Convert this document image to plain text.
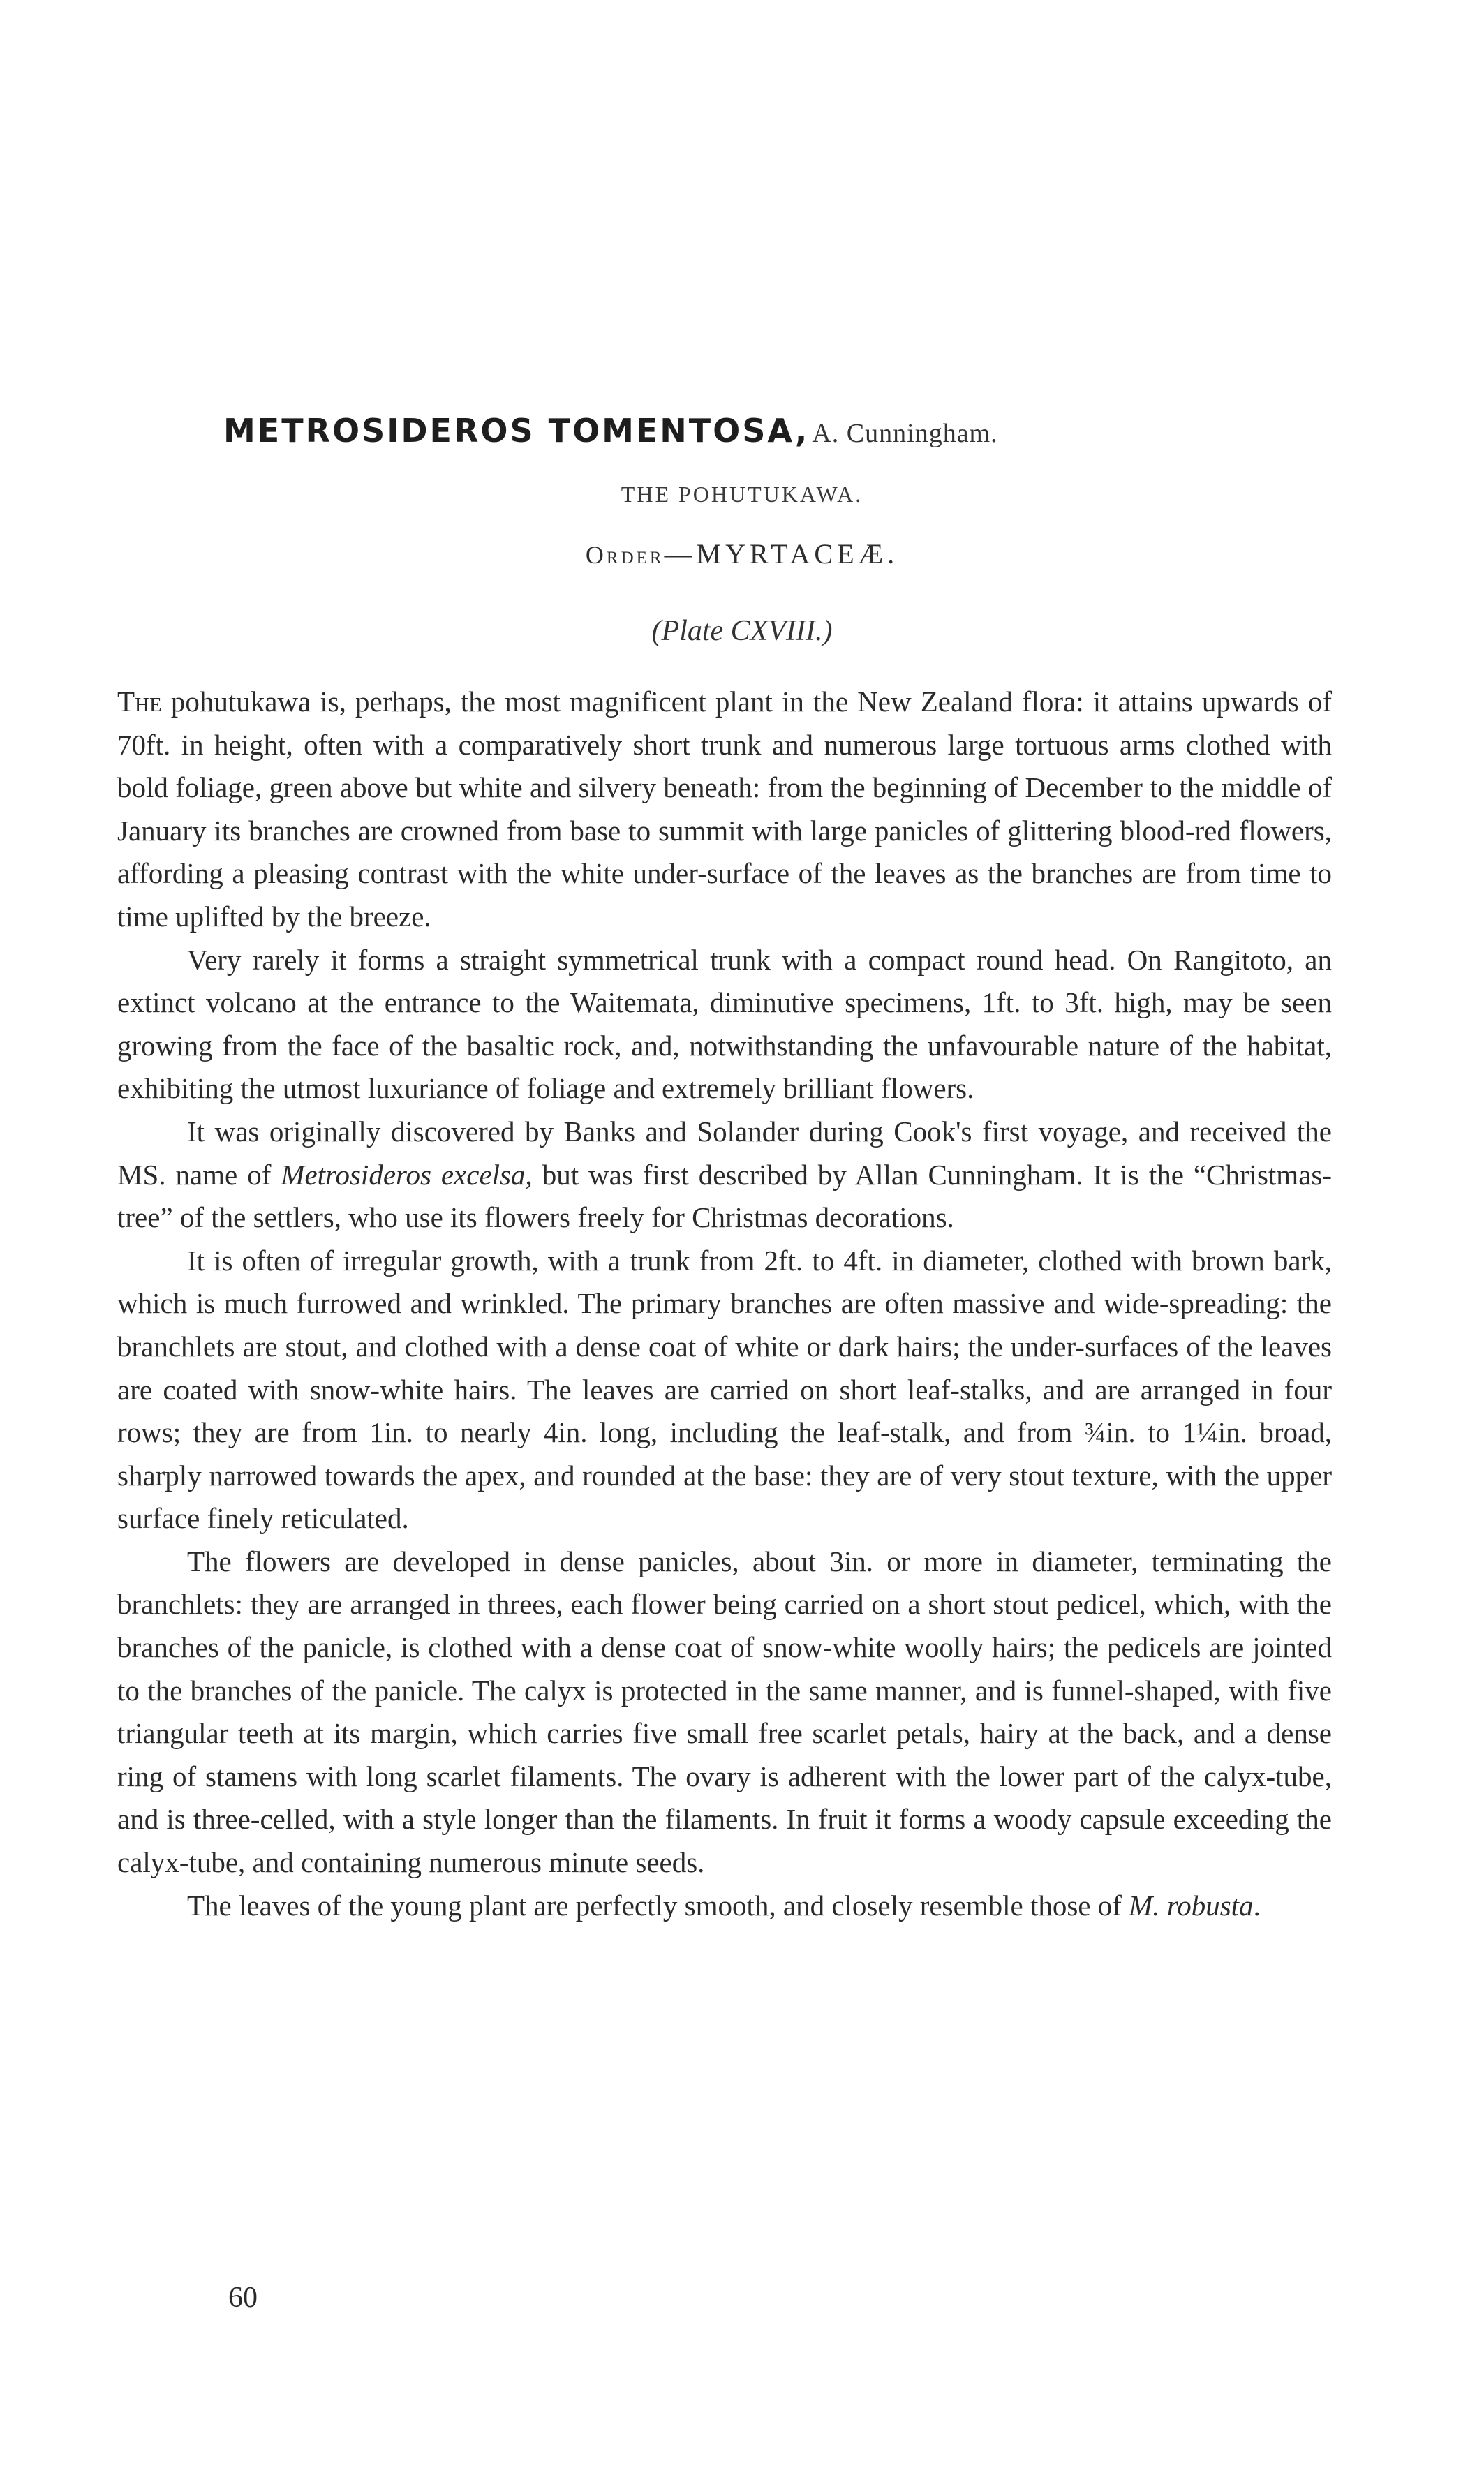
METROSIDEROS TOMENTOSA, A. Cunningham.
THE POHUTUKAWA.
Order—MYRTACEÆ.
(Plate CXVIII.)

The pohutukawa is, perhaps, the most magnificent plant in the New Zealand flora: it attains upwards of 70ft. in height, often with a comparatively short trunk and numerous large tortuous arms clothed with bold foliage, green above but white and silvery beneath: from the beginning of December to the middle of January its branches are crowned from base to summit with large panicles of glittering blood-red flowers, affording a pleasing contrast with the white under-surface of the leaves as the branches are from time to time uplifted by the breeze.

Very rarely it forms a straight symmetrical trunk with a compact round head. On Rangitoto, an extinct volcano at the entrance to the Waitemata, diminutive specimens, 1ft. to 3ft. high, may be seen growing from the face of the basaltic rock, and, notwithstanding the unfavourable nature of the habitat, exhibiting the utmost luxuriance of foliage and extremely brilliant flowers.

It was originally discovered by Banks and Solander during Cook's first voyage, and received the MS. name of Metrosideros excelsa, but was first described by Allan Cunningham. It is the “Christmas-tree” of the settlers, who use its flowers freely for Christmas decorations.

It is often of irregular growth, with a trunk from 2ft. to 4ft. in diameter, clothed with brown bark, which is much furrowed and wrinkled. The primary branches are often massive and wide-spreading: the branchlets are stout, and clothed with a dense coat of white or dark hairs; the under-surfaces of the leaves are coated with snow-white hairs. The leaves are carried on short leaf-stalks, and are arranged in four rows; they are from 1in. to nearly 4in. long, including the leaf-stalk, and from ¾in. to 1¼in. broad, sharply narrowed towards the apex, and rounded at the base: they are of very stout texture, with the upper surface finely reticulated.

The flowers are developed in dense panicles, about 3in. or more in diameter, terminating the branchlets: they are arranged in threes, each flower being carried on a short stout pedicel, which, with the branches of the panicle, is clothed with a dense coat of snow-white woolly hairs; the pedicels are jointed to the branches of the panicle. The calyx is protected in the same manner, and is funnel-shaped, with five triangular teeth at its margin, which carries five small free scarlet petals, hairy at the back, and a dense ring of stamens with long scarlet filaments. The ovary is adherent with the lower part of the calyx-tube, and is three-celled, with a style longer than the filaments. In fruit it forms a woody capsule exceeding the calyx-tube, and containing numerous minute seeds.

The leaves of the young plant are perfectly smooth, and closely resemble those of M. robusta.

60
